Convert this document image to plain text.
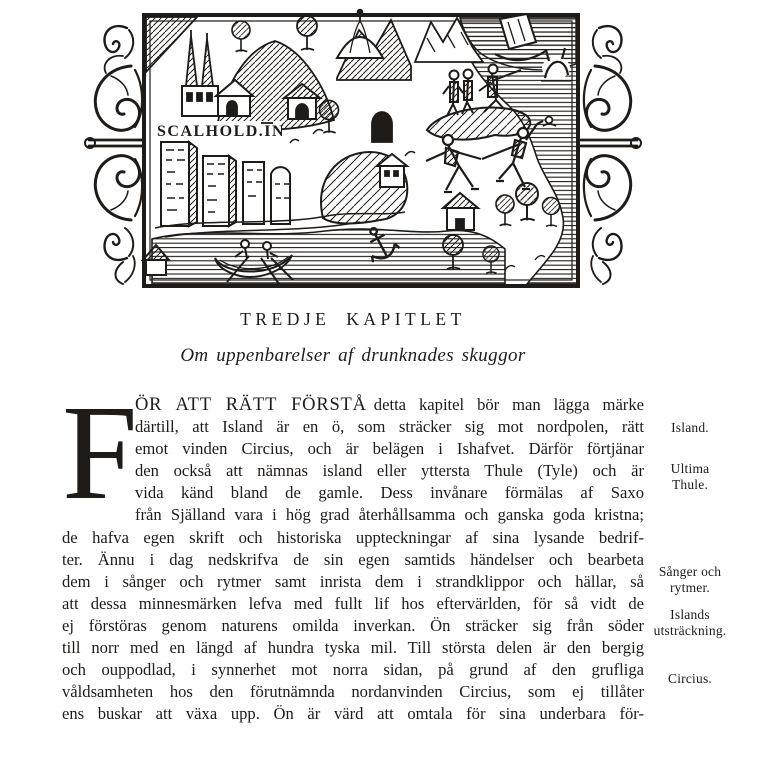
SCALHOLD.IN
TREDJE KAPITLET
Om uppenbarelser af drunknades skuggor
F
ÖR ATT RÄTT FÖRSTÅ detta kapitel bör man lägga märke
därtill, att Island är en ö, som sträcker sig mot nordpolen, rätt
emot vinden Circius, och är belägen i Ishafvet. Därför förtjänar
den också att nämnas island eller yttersta Thule (Tyle) och är
vida känd bland de gamle. Dess invånare förmälas af Saxo
från Själland vara i hög grad återhållsamma och ganska goda kristna;
de hafva egen skrift och historiska uppteckningar af sina lysande bedrif-
ter. Ännu i dag nedskrifva de sin egen samtids händelser och bearbeta
dem i sånger och rytmer samt inrista dem i strandklippor och hällar, så
att dessa minnesmärken lefva med fullt lif hos eftervärlden, för så vidt de
ej förstöras genom naturens omilda inverkan. Ön sträcker sig från söder
till norr med en längd af hundra tyska mil. Till största delen är den bergig
och ouppodlad, i synnerhet mot norra sidan, på grund af den grufliga
våldsamheten hos den förutnämnda nordanvinden Circius, som ej tillåter
ens buskar att växa upp. Ön är värd att omtala för sina underbara för-
Island.
Ultima Thule.
Sånger och rytmer.
Islands utsträckning.
Circius.
